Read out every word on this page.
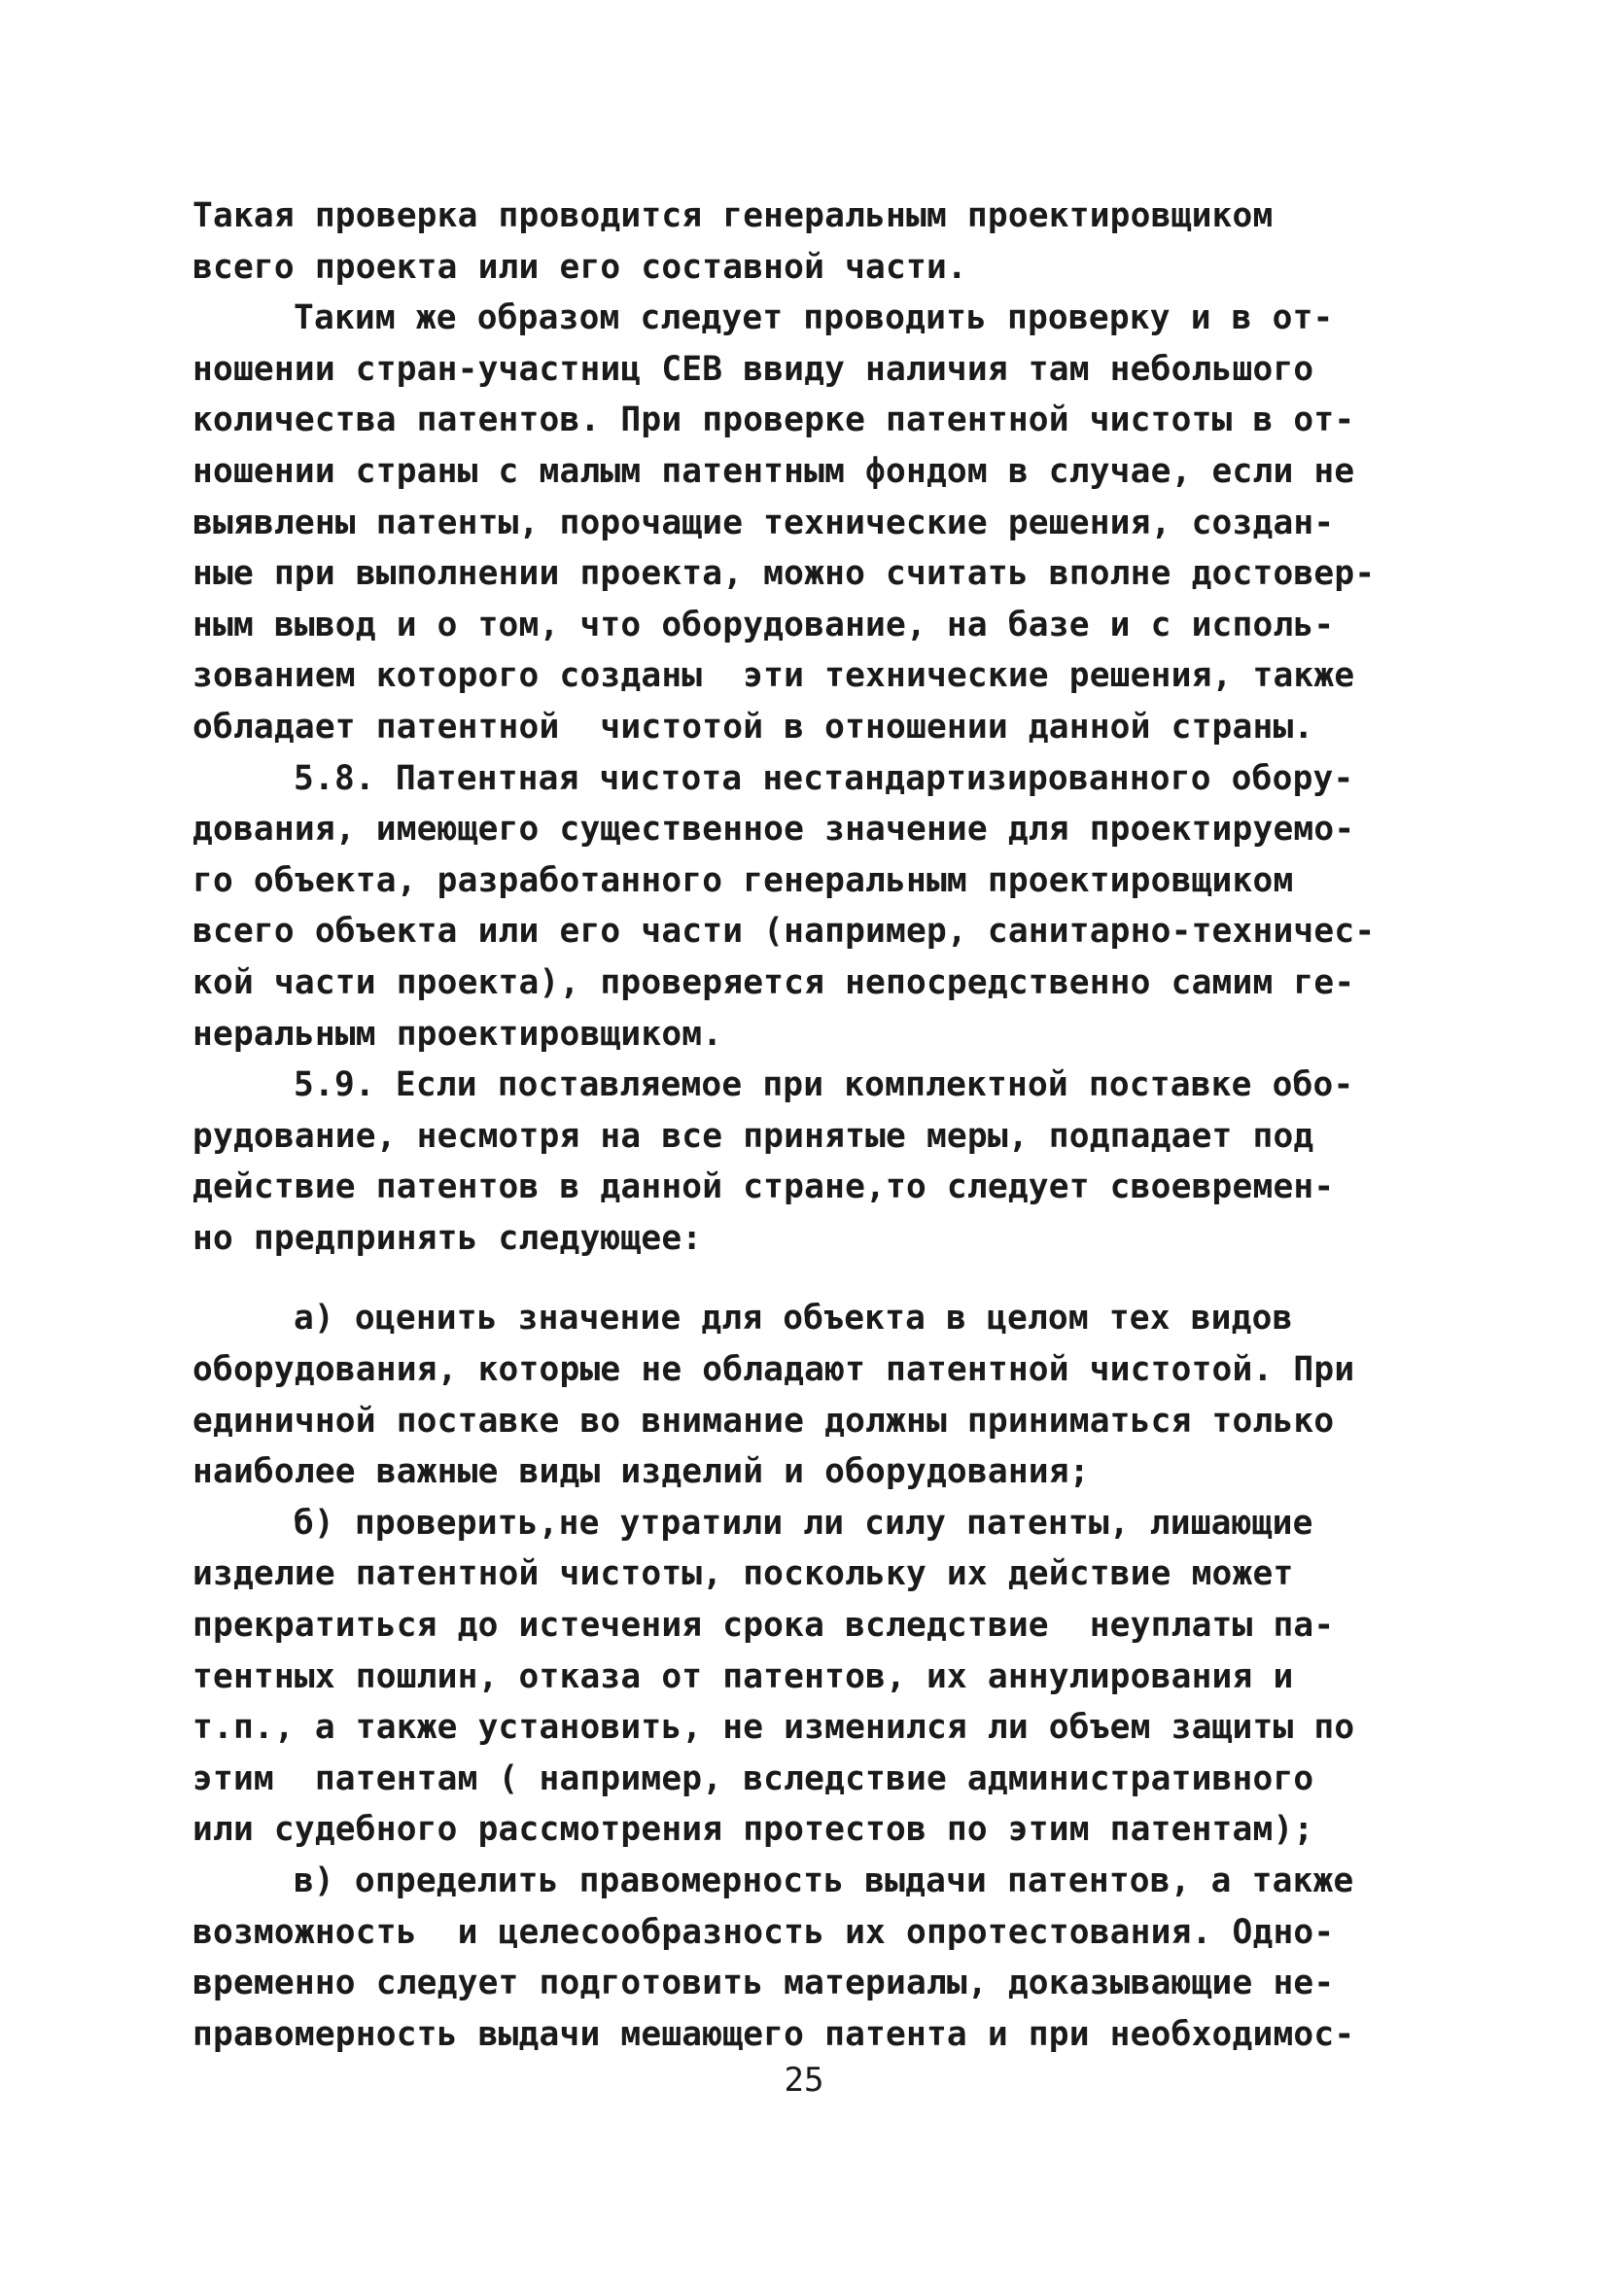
Такая проверка проводится генеральным проектировщиком
всего проекта или его составной части.
Таким же образом следует проводить проверку и в от-
ношении стран-участниц СЕВ ввиду наличия там небольшого
количества патентов. При проверке патентной чистоты в от-
ношении страны с малым патентным фондом в случае, если не
выявлены патенты, порочащие технические решения, создан-
ные при выполнении проекта, можно считать вполне достовер-
ным вывод и о том, что оборудование, на базе и с исполь-
зованием которого созданы  эти технические решения, также
обладает патентной  чистотой в отношении данной страны.
5.8. Патентная чистота нестандартизированного обору-
дования, имеющего существенное значение для проектируемо-
го объекта, разработанного генеральным проектировщиком
всего объекта или его части (например, санитарно-техничес-
кой части проекта), проверяется непосредственно самим ге-
неральным проектировщиком.
5.9. Если поставляемое при комплектной поставке обо-
рудование, несмотря на все принятые меры, подпадает под
действие патентов в данной стране,то следует своевремен-
но предпринять следующее:
а) оценить значение для объекта в целом тех видов
оборудования, которые не обладают патентной чистотой. При
единичной поставке во внимание должны приниматься только
наиболее важные виды изделий и оборудования;
б) проверить,не утратили ли силу патенты, лишающие
изделие патентной чистоты, поскольку их действие может
прекратиться до истечения срока вследствие  неуплаты па-
тентных пошлин, отказа от патентов, их аннулирования и
т.п., а также установить, не изменился ли объем защиты по
этим  патентам ( например, вследствие административного
или судебного рассмотрения протестов по этим патентам);
в) определить правомерность выдачи патентов, а также
возможность  и целесообразность их опротестования. Одно-
временно следует подготовить материалы, доказывающие не-
правомерность выдачи мешающего патента и при необходимос-
25
